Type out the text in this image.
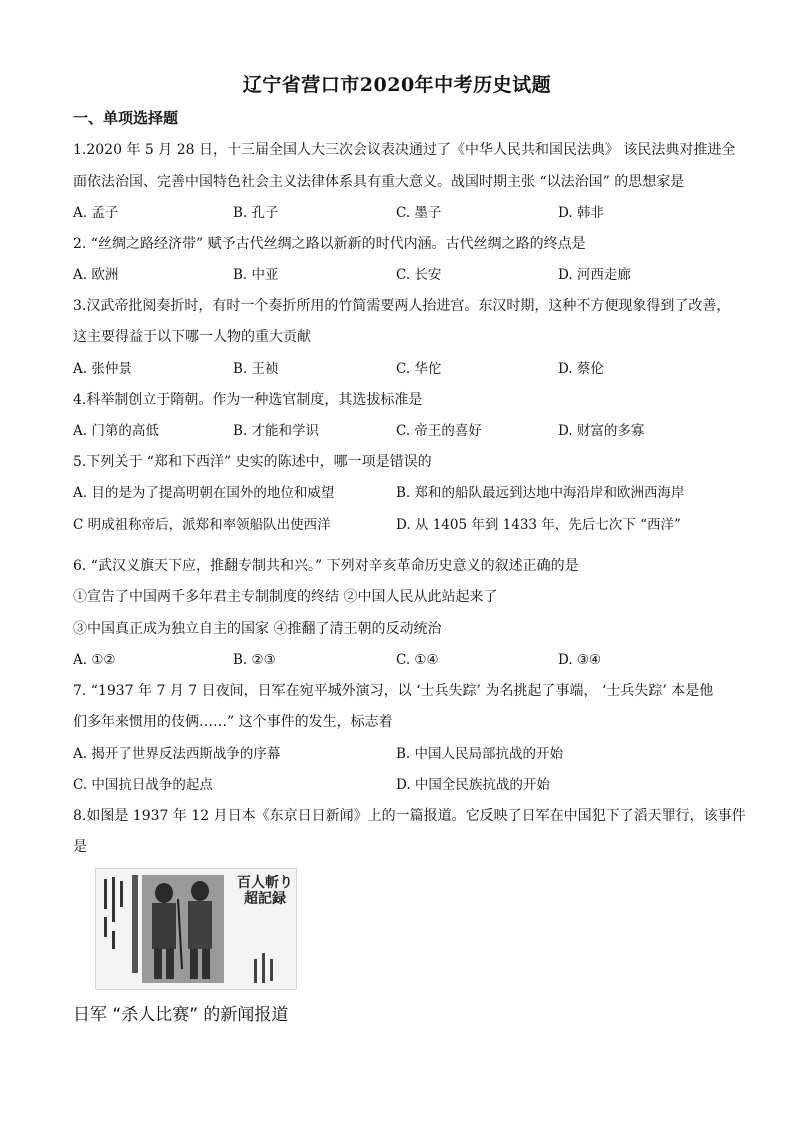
辽宁省营口市2020年中考历史试题
一、单项选择题
1.2020 年 5 月 28 日，十三届全国人大三次会议表决通过了《中华人民共和国民法典》 该民法典对推进全
面依法治国、完善中国特色社会主义法律体系具有重大意义。战国时期主张 “以法治国” 的思想家是
A. 孟子	B. 孔子	C. 墨子	D. 韩非
2. “丝绸之路经济带” 赋予古代丝绸之路以新新的时代内涵。古代丝绸之路的终点是
A. 欧洲	B. 中亚	C. 长安	D. 河西走廊
3.汉武帝批阅奏折时，有时一个奏折所用的竹简需要两人抬进宫。东汉时期，这种不方便现象得到了改善，
这主要得益于以下哪一人物的重大贡献
A. 张仲景	B. 王祯	C. 华佗	D. 蔡伦
4.科举制创立于隋朝。作为一种选官制度，其选拔标准是
A. 门第的高低	B. 才能和学识	C. 帝王的喜好	D. 财富的多寡
5.下列关于 “郑和下西洋” 史实的陈述中，哪一项是错误的
A. 目的是为了提高明朝在国外的地位和威望	B. 郑和的船队最远到达地中海沿岸和欧洲西海岸
C 明成祖称帝后，派郑和率领船队出使西洋	D. 从 1405 年到 1433 年，先后七次下 “西洋”
6. “武汉义旗天下应，推翻专制共和兴。” 下列对辛亥革命历史意义的叙述正确的是
①宣告了中国两千多年君主专制制度的终结 ②中国人民从此站起来了
③中国真正成为独立自主的国家 ④推翻了清王朝的反动统治
A. ①②	B. ②③	C. ①④	D. ③④
7. “1937 年 7 月 7 日夜间，日军在宛平城外演习，以 ‘士兵失踪’ 为名挑起了事端， ‘士兵失踪’ 本是他
们多年来惯用的伎俩……” 这个事件的发生，标志着
A. 揭开了世界反法西斯战争的序幕	B. 中国人民局部抗战的开始
C. 中国抗日战争的起点	D. 中国全民族抗战的开始
8.如图是 1937 年 12 月日本《东京日日新闻》上的一篇报道。它反映了日军在中国犯下了滔天罪行，该事件
是
百人斬り超記録
日军 “杀人比赛” 的新闻报道
